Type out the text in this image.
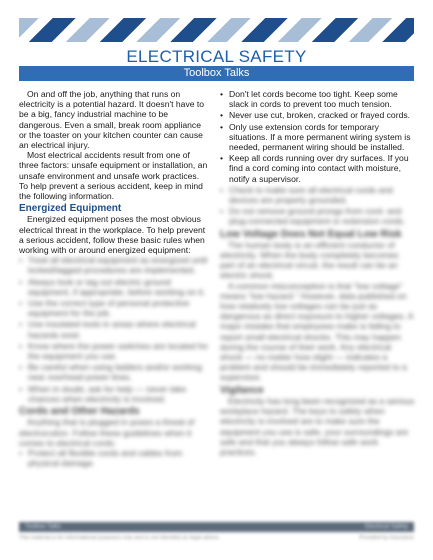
ELECTRICAL SAFETY
Toolbox Talks

On and off the job, anything that runs on electricity is a potential hazard. It doesn't have to be a big, fancy industrial machine to be dangerous. Even a small, break room appliance or the toaster on your kitchen counter can cause an electrical injury.

Most electrical accidents result from one of three factors: unsafe equipment or installation, an unsafe environment and unsafe work practices. To help prevent a serious accident, keep in mind the following information.

Energized Equipment

Energized equipment poses the most obvious electrical threat in the workplace. To help prevent a serious accident, follow these basic rules when working with or around energized equipment:

• Treat all electrical equipment as energized until locked/tagged procedures are implemented.
• Always look or tag out electric ground equipment, if appropriate, before working on it.
• Use the correct type of personal protective equipment for the job.
• Use insulated tools in areas where electrical hazards exist.
• Know where the power switches are located for the equipment you use.
• Be careful when using ladders and/or working near overhead power lines.
• When in doubt, ask for help — never take chances when electricity is involved.
Cords and Other Hazards

Anything that is plugged in poses a threat of electrocution. Follow these guidelines when it comes to electrical cords:

• Protect all flexible cords and cables from physical damage.
• Don't let cords become too tight. Keep some slack in cords to prevent too much tension.
• Never use cut, broken, cracked or frayed cords.
• Only use extension cords for temporary situations. If a more permanent wiring system is needed, permanent wiring should be installed.
• Keep all cords running over dry surfaces. If you find a cord coming into contact with moisture, notify a supervisor.
• Check to make sure all electrical cords and devices are properly grounded.
• Do not remove ground prongs from cord- and plug-connected equipment or extension cords.
Low Voltage Does Not Equal Low Risk

The human body is an efficient conductor of electricity. When the body completely becomes part of an electrical circuit, the result can be an electric shock.

A common misconception is that "low voltage" means "low hazard." However, data published on how relatively low voltages can be just as dangerous as direct exposure to higher voltages. A major mistake that employees make is failing to report small electrical shocks. This may happen during the course of their work. Any electrical shock — no matter how slight — indicates a problem and should be immediately reported to a supervisor.

Vigilance

Electricity has long been recognized as a serious workplace hazard. The keys to safety when electricity is involved are to make sure the equipment you use is safe, your surroundings are safe and that you always follow safe work practices.

Toolbox Talks	Electrical Safety
This material is for informational purposes only and is not intended as legal advice.	Provided by Insurance
